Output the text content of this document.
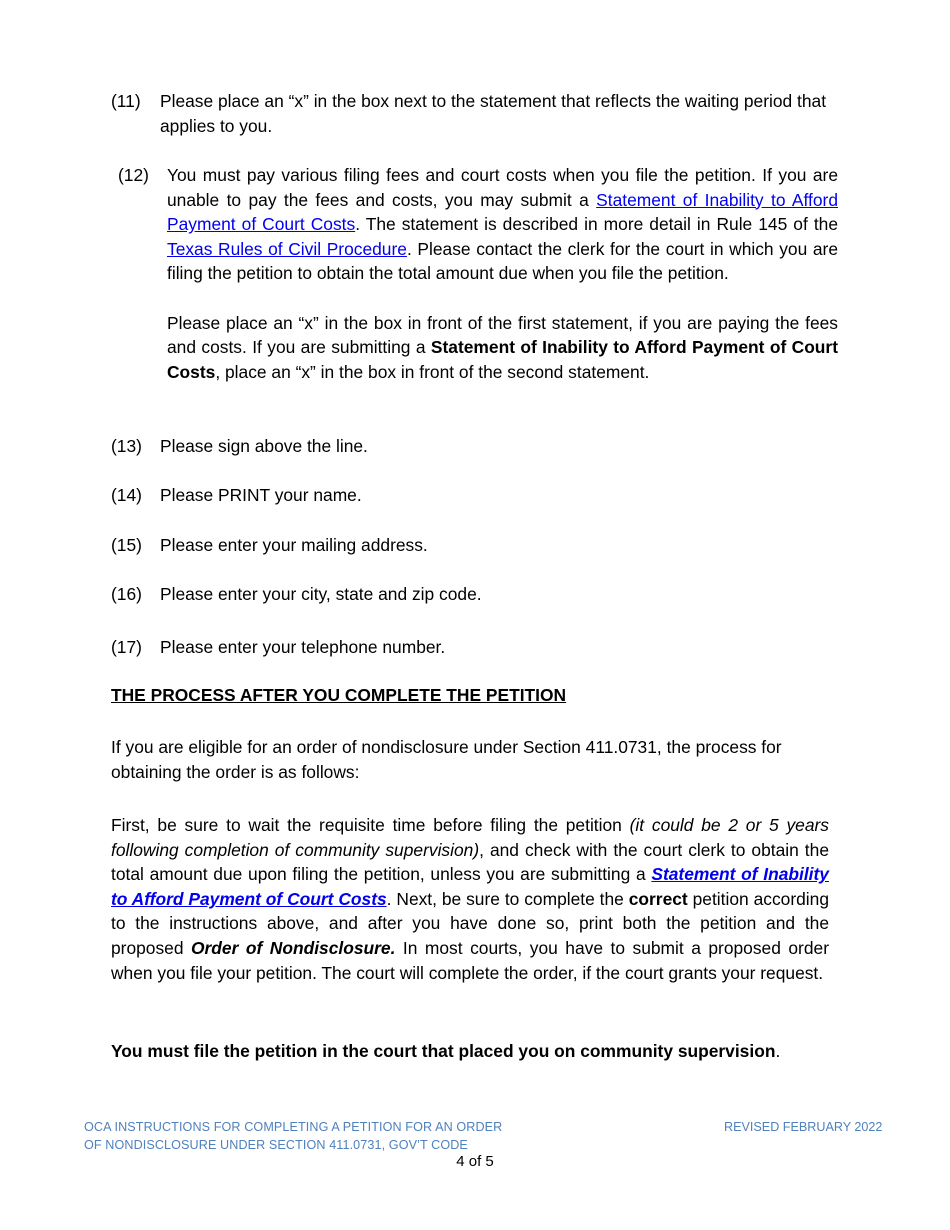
(11) Please place an “x” in the box next to the statement that reflects the waiting period that applies to you.
(12) You must pay various filing fees and court costs when you file the petition. If you are unable to pay the fees and costs, you may submit a Statement of Inability to Afford Payment of Court Costs. The statement is described in more detail in Rule 145 of the Texas Rules of Civil Procedure. Please contact the clerk for the court in which you are filing the petition to obtain the total amount due when you file the petition.
Please place an “x” in the box in front of the first statement, if you are paying the fees and costs. If you are submitting a Statement of Inability to Afford Payment of Court Costs, place an “x” in the box in front of the second statement.
(13) Please sign above the line.
(14) Please PRINT your name.
(15) Please enter your mailing address.
(16) Please enter your city, state and zip code.
(17) Please enter your telephone number.
THE PROCESS AFTER YOU COMPLETE THE PETITION
If you are eligible for an order of nondisclosure under Section 411.0731, the process for obtaining the order is as follows:
First, be sure to wait the requisite time before filing the petition (it could be 2 or 5 years following completion of community supervision), and check with the court clerk to obtain the total amount due upon filing the petition, unless you are submitting a Statement of Inability to Afford Payment of Court Costs. Next, be sure to complete the correct petition according to the instructions above, and after you have done so, print both the petition and the proposed Order of Nondisclosure. In most courts, you have to submit a proposed order when you file your petition. The court will complete the order, if the court grants your request.
You must file the petition in the court that placed you on community supervision.
OCA INSTRUCTIONS FOR COMPLETING A PETITION FOR AN ORDER
OF NONDISCLOSURE UNDER SECTION 411.0731, GOV’T CODE
REVISED FEBRUARY 2022
4 of 5
